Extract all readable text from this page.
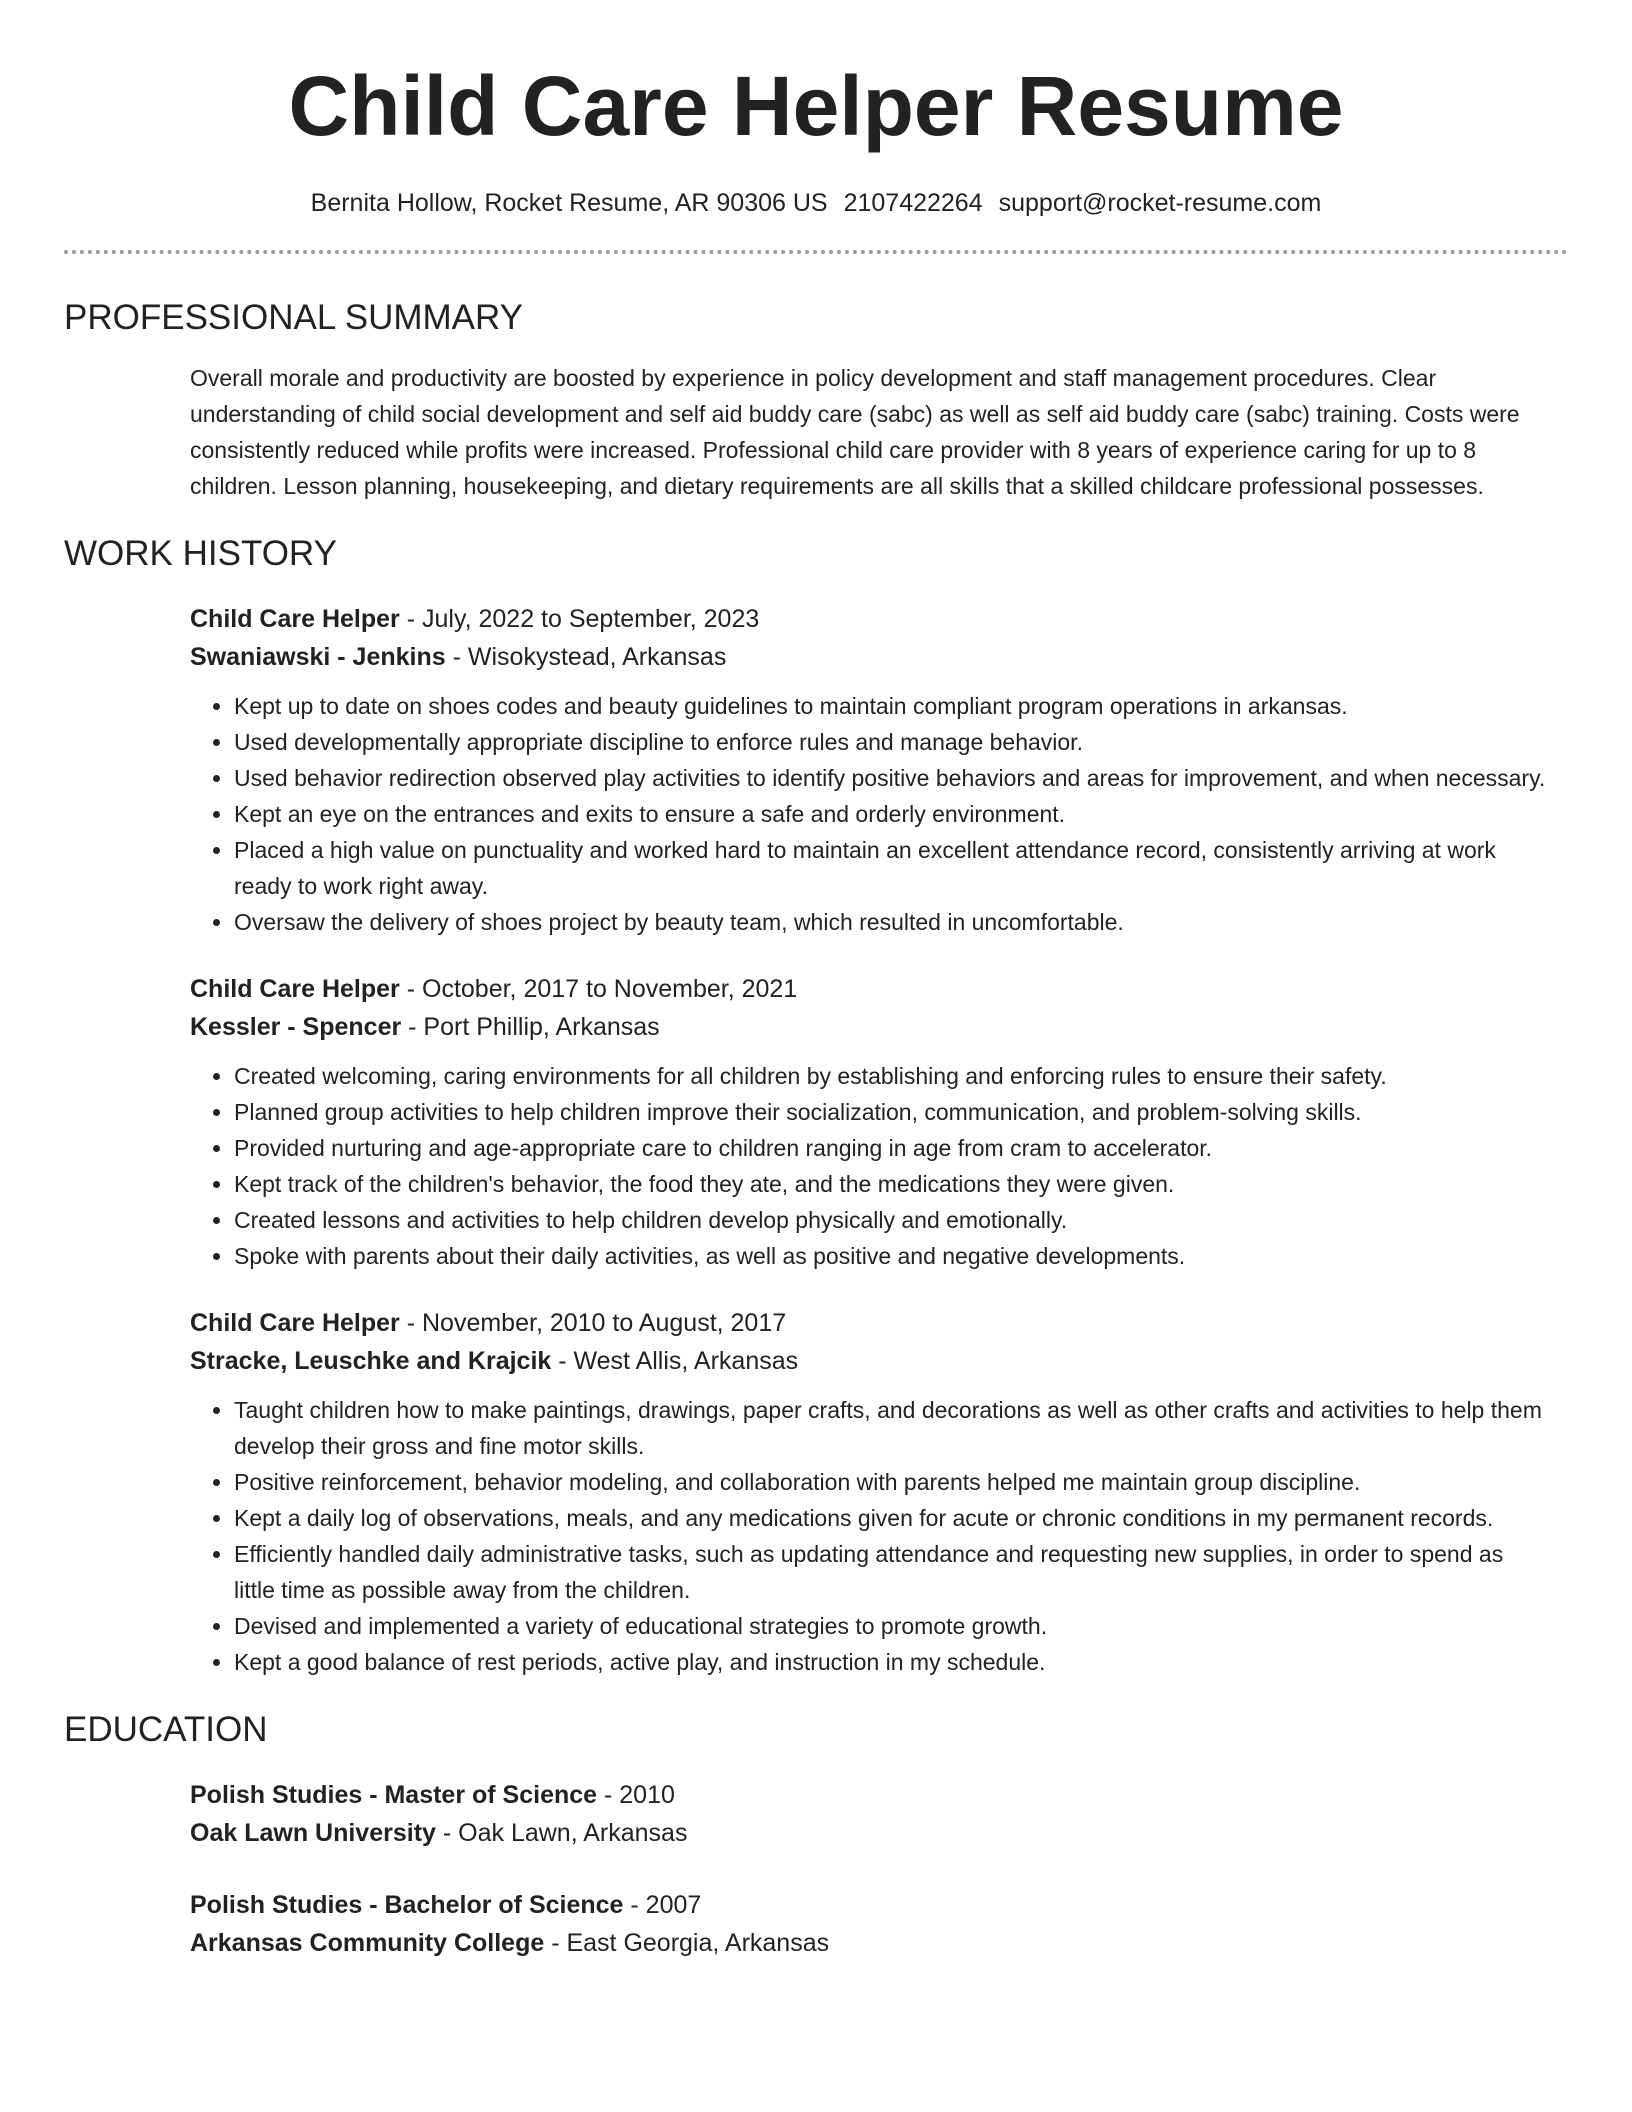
Child Care Helper Resume
Bernita Hollow, Rocket Resume, AR 90306 US 2107422264 support@rocket-resume.com
PROFESSIONAL SUMMARY

Overall morale and productivity are boosted by experience in policy development and staff management procedures. Clear understanding of child social development and self aid buddy care (sabc) as well as self aid buddy care (sabc) training. Costs were consistently reduced while profits were increased. Professional child care provider with 8 years of experience caring for up to 8 children. Lesson planning, housekeeping, and dietary requirements are all skills that a skilled childcare professional possesses.

WORK HISTORY
Child Care Helper - July, 2022 to September, 2023
Swaniawski - Jenkins - Wisokystead, Arkansas
• Kept up to date on shoes codes and beauty guidelines to maintain compliant program operations in arkansas.
• Used developmentally appropriate discipline to enforce rules and manage behavior.
• Used behavior redirection observed play activities to identify positive behaviors and areas for improvement, and when necessary.
• Kept an eye on the entrances and exits to ensure a safe and orderly environment.
• Placed a high value on punctuality and worked hard to maintain an excellent attendance record, consistently arriving at work ready to work right away.
• Oversaw the delivery of shoes project by beauty team, which resulted in uncomfortable.
Child Care Helper - October, 2017 to November, 2021
Kessler - Spencer - Port Phillip, Arkansas
• Created welcoming, caring environments for all children by establishing and enforcing rules to ensure their safety.
• Planned group activities to help children improve their socialization, communication, and problem-solving skills.
• Provided nurturing and age-appropriate care to children ranging in age from cram to accelerator.
• Kept track of the children's behavior, the food they ate, and the medications they were given.
• Created lessons and activities to help children develop physically and emotionally.
• Spoke with parents about their daily activities, as well as positive and negative developments.
Child Care Helper - November, 2010 to August, 2017
Stracke, Leuschke and Krajcik - West Allis, Arkansas
• Taught children how to make paintings, drawings, paper crafts, and decorations as well as other crafts and activities to help them develop their gross and fine motor skills.
• Positive reinforcement, behavior modeling, and collaboration with parents helped me maintain group discipline.
• Kept a daily log of observations, meals, and any medications given for acute or chronic conditions in my permanent records.
• Efficiently handled daily administrative tasks, such as updating attendance and requesting new supplies, in order to spend as little time as possible away from the children.
• Devised and implemented a variety of educational strategies to promote growth.
• Kept a good balance of rest periods, active play, and instruction in my schedule.
EDUCATION
Polish Studies - Master of Science - 2010
Oak Lawn University - Oak Lawn, Arkansas
Polish Studies - Bachelor of Science - 2007
Arkansas Community College - East Georgia, Arkansas
